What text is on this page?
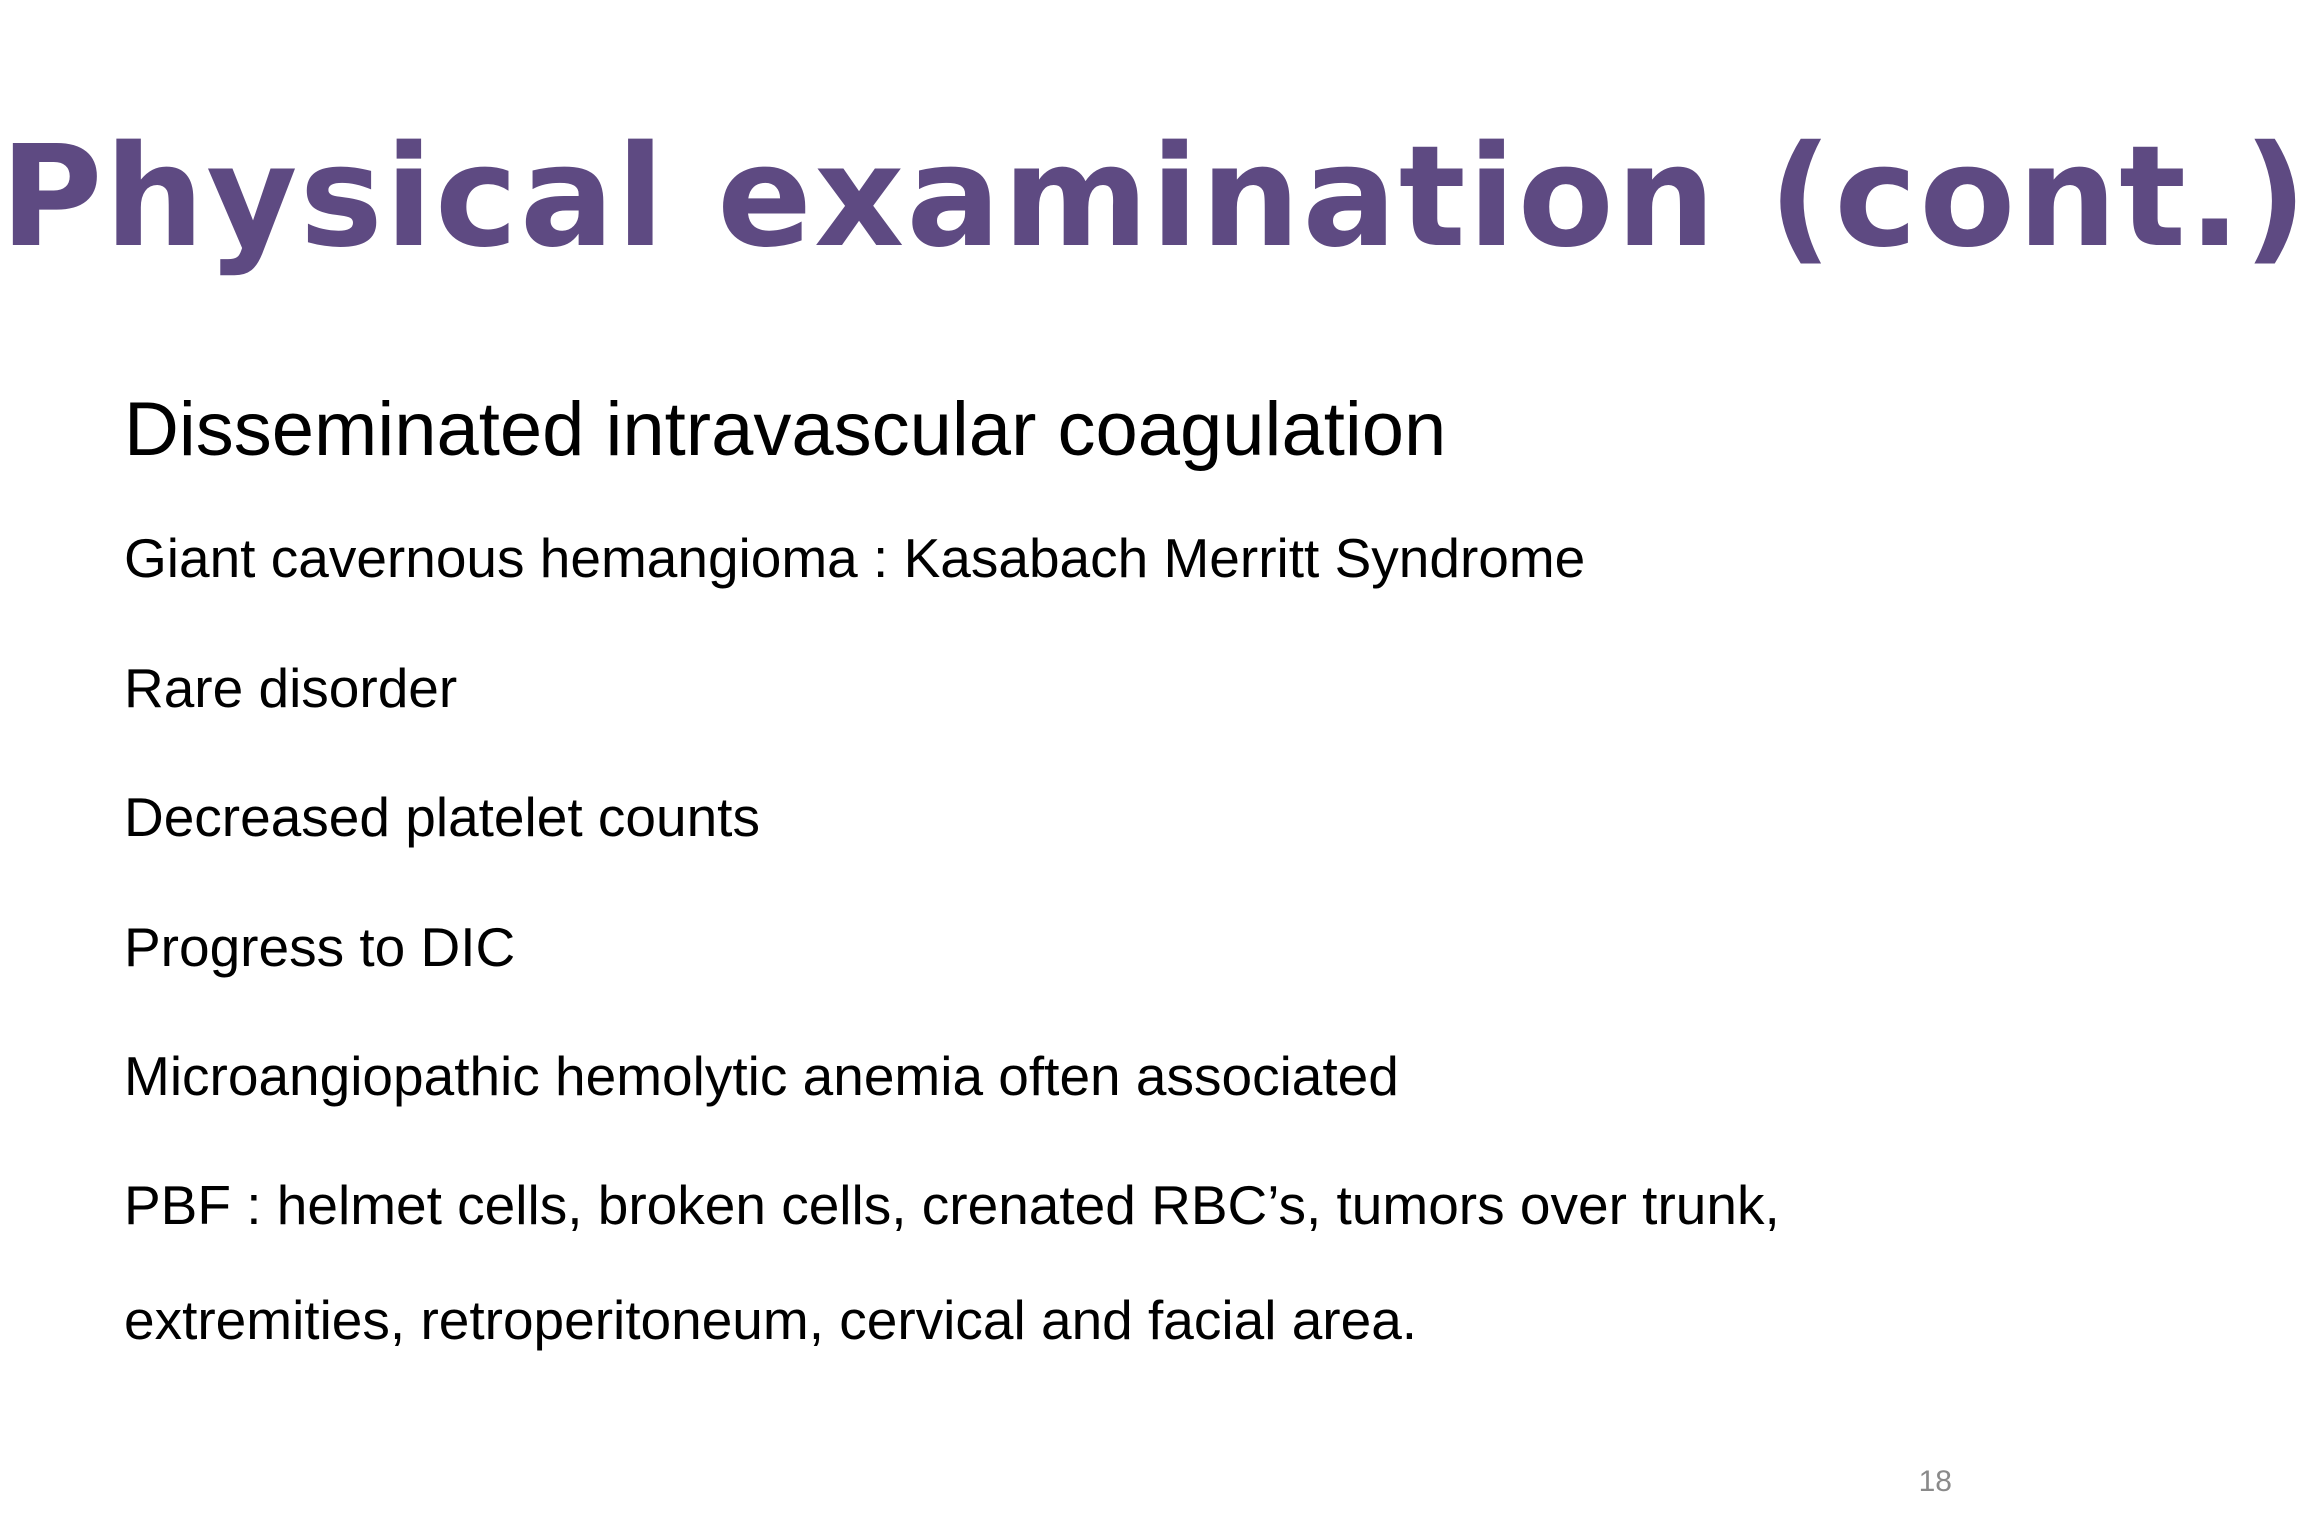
Physical examination (cont.)
Disseminated intravascular coagulation
Giant cavernous hemangioma : Kasabach Merritt Syndrome
Rare disorder
Decreased platelet counts
Progress to DIC
Microangiopathic hemolytic anemia often associated
PBF : helmet cells, broken cells, crenated RBC’s, tumors over trunk,
extremities, retroperitoneum, cervical and facial area.
18
